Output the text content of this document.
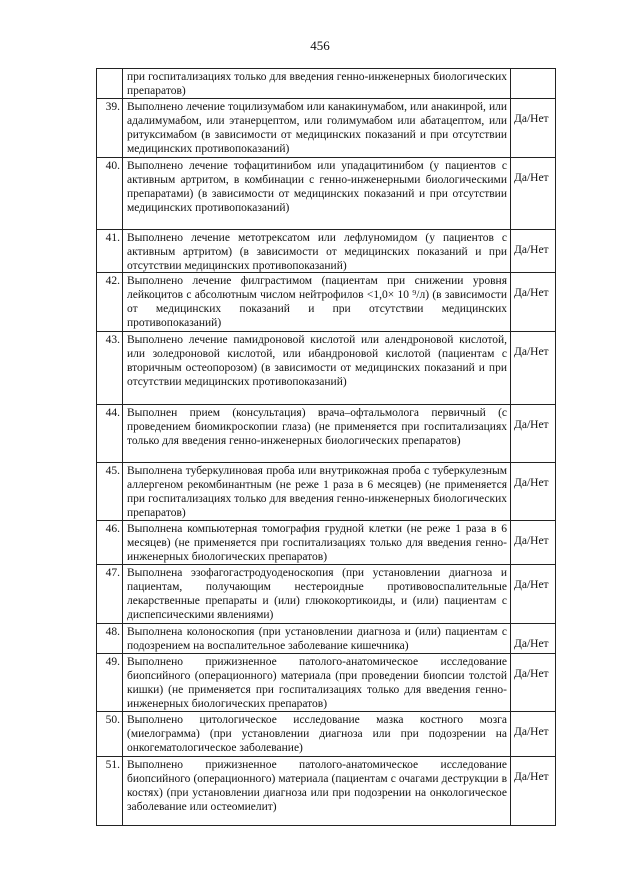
456
при госпитализациях только для введения генно-инженерных биологических препаратов)
39. Выполнено лечение тоцилизумабом или канакинумабом, или анакинрой, или адалимумабом, или этанерцептом, или голимумабом или абатацептом, или ритуксимабом (в зависимости от медицинских показаний и при отсутствии медицинских противопоказаний)
Да/Нет
40. Выполнено лечение тофацитинибом или упадацитинибом (у пациентов с активным артритом, в комбинации с генно-инженерными биологическими препаратами) (в зависимости от медицинских показаний и при отсутствии медицинских противопоказаний)
Да/Нет
41. Выполнено лечение метотрексатом или лефлуномидом (у пациентов с активным артритом) (в зависимости от медицинских показаний и при отсутствии медицинских противопоказаний)
Да/Нет
42. Выполнено лечение филграстимом (пациентам при снижении уровня лейкоцитов с абсолютным числом нейтрофилов <1,0× 10 ⁹/л) (в зависимости от медицинских показаний и при отсутствии медицинских противопоказаний)
Да/Нет
43. Выполнено лечение памидроновой кислотой или алендроновой кислотой, или золедроновой кислотой, или ибандроновой кислотой (пациентам с вторичным остеопорозом) (в зависимости от медицинских показаний и при отсутствии медицинских противопоказаний)
Да/Нет
44. Выполнен прием (консультация) врача–офтальмолога первичный (с проведением биомикроскопии глаза) (не применяется при госпитализациях только для введения генно-инженерных биологических препаратов)
Да/Нет
45. Выполнена туберкулиновая проба или внутрикожная проба с туберкулезным аллергеном рекомбинантным (не реже 1 раза в 6 месяцев) (не применяется при госпитализациях только для введения генно-инженерных биологических препаратов)
Да/Нет
46. Выполнена компьютерная томография грудной клетки (не реже 1 раза в 6 месяцев) (не применяется при госпитализациях только для введения генно-инженерных биологических препаратов)
Да/Нет
47. Выполнена эзофагогастродуоденоскопия (при установлении диагноза и пациентам, получающим нестероидные противовоспалительные лекарственные препараты и (или) глюкокортикоиды, и (или) пациентам с диспепсическими явлениями)
Да/Нет
48. Выполнена колоноскопия (при установлении диагноза и (или) пациентам с подозрением на воспалительное заболевание кишечника)	Да/Нет
49. Выполнено прижизненное патолого-анатомическое исследование биопсийного (операционного) материала (при проведении биопсии толстой кишки) (не применяется при госпитализациях только для введения генно-инженерных биологических препаратов)
Да/Нет
50. Выполнено цитологическое исследование мазка костного мозга (миелограмма) (при установлении диагноза или при подозрении на онкогематологическое заболевание)
Да/Нет
51. Выполнено прижизненное патолого-анатомическое исследование биопсийного (операционного) материала (пациентам с очагами деструкции в костях) (при установлении диагноза или при подозрении на онкологическое заболевание или остеомиелит)
Да/Нет
